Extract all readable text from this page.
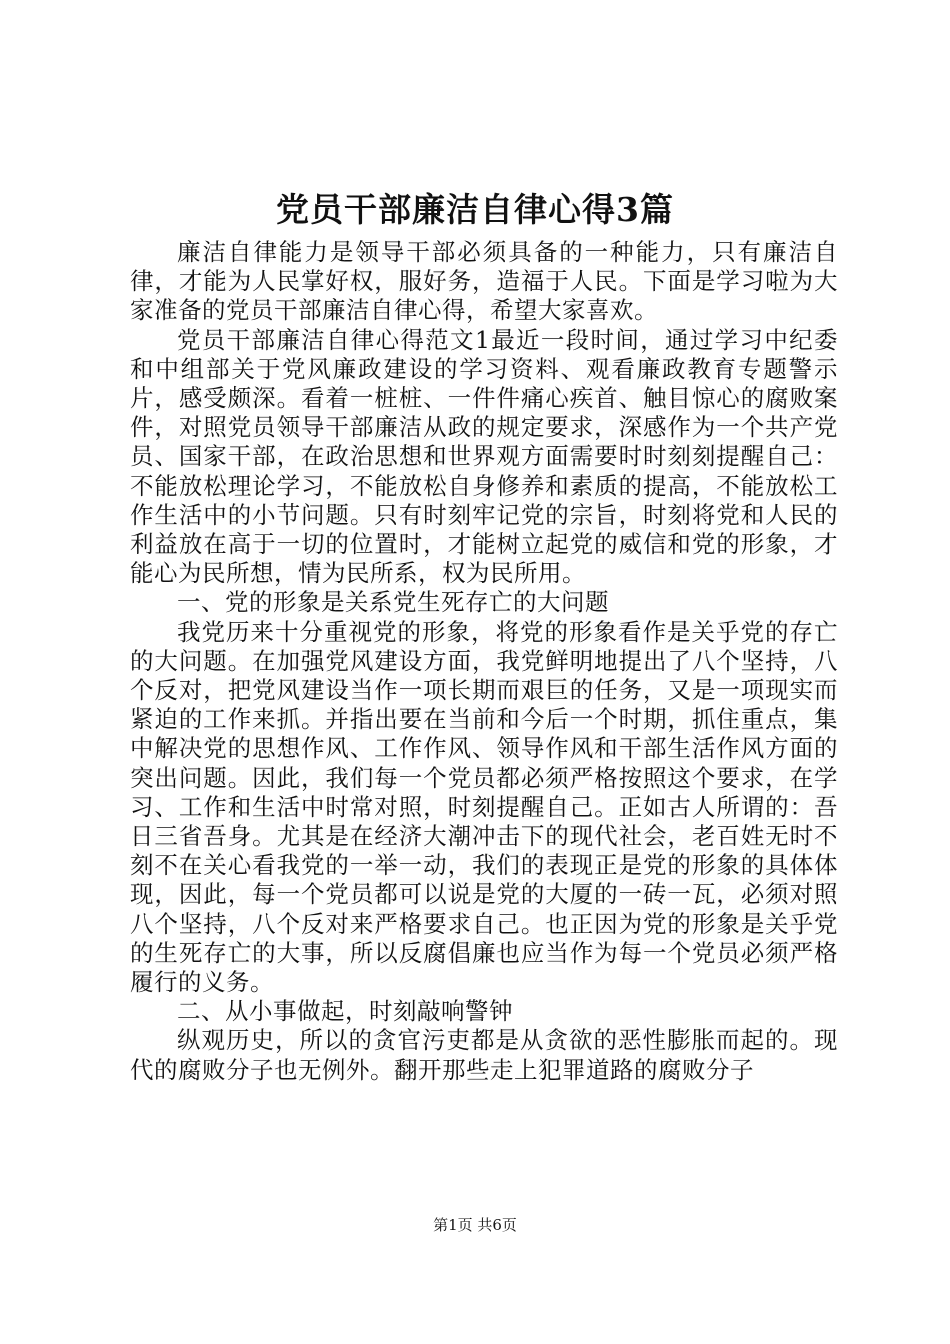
党员干部廉洁自律心得3篇

廉洁自律能力是领导干部必须具备的一种能力，只有廉洁自律，才能为人民掌好权，服好务，造福于人民。下面是学习啦为大家准备的党员干部廉洁自律心得，希望大家喜欢。

党员干部廉洁自律心得范文1最近一段时间，通过学习中纪委和中组部关于党风廉政建设的学习资料、观看廉政教育专题警示片，感受颇深。看着一桩桩、一件件痛心疾首、触目惊心的腐败案件，对照党员领导干部廉洁从政的规定要求，深感作为一个共产党员、国家干部，在政治思想和世界观方面需要时时刻刻提醒自己：不能放松理论学习，不能放松自身修养和素质的提高，不能放松工作生活中的小节问题。只有时刻牢记党的宗旨，时刻将党和人民的利益放在高于一切的位置时，才能树立起党的威信和党的形象，才能心为民所想，情为民所系，权为民所用。

一、党的形象是关系党生死存亡的大问题

我党历来十分重视党的形象，将党的形象看作是关乎党的存亡的大问题。在加强党风建设方面，我党鲜明地提出了八个坚持，八个反对，把党风建设当作一项长期而艰巨的任务，又是一项现实而紧迫的工作来抓。并指出要在当前和今后一个时期，抓住重点，集中解决党的思想作风、工作作风、领导作风和干部生活作风方面的突出问题。因此，我们每一个党员都必须严格按照这个要求，在学习、工作和生活中时常对照，时刻提醒自己。正如古人所谓的：吾日三省吾身。尤其是在经济大潮冲击下的现代社会，老百姓无时不刻不在关心看我党的一举一动，我们的表现正是党的形象的具体体现，因此，每一个党员都可以说是党的大厦的一砖一瓦，必须对照八个坚持，八个反对来严格要求自己。也正因为党的形象是关乎党的生死存亡的大事，所以反腐倡廉也应当作为每一个党员必须严格履行的义务。

二、从小事做起，时刻敲响警钟

纵观历史，所以的贪官污吏都是从贪欲的恶性膨胀而起的。现代的腐败分子也无例外。翻开那些走上犯罪道路的腐败分子

第1页 共6页
